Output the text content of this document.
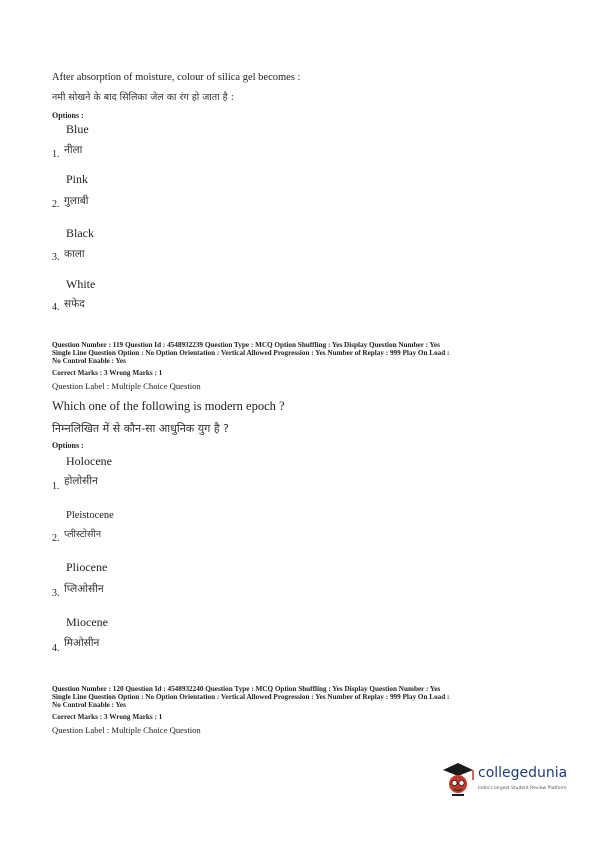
After absorption of moisture, colour of silica gel becomes :
नमी सोखने के बाद सिलिका जेल का रंग हो जाता है :
Options :
Blue
1. नीला
Pink
2. गुलाबी
Black
3. काला
White
4. सफेद
Question Number : 119 Question Id : 4548932239 Question Type : MCQ Option Shuffling : Yes Display Question Number : Yes
Single Line Question Option : No Option Orientation : Vertical Allowed Progression : Yes Number of Replay : 999 Play On Load :
No Control Enable : Yes
Correct Marks : 3 Wrong Marks : 1
Question Label : Multiple Choice Question
Which one of the following is modern epoch ?
निम्नलिखित में से कौन-सा आधुनिक युग है ?
Options :
Holocene
1. होलोसीन
Pleistocene
2. प्लीस्टोसीन
Pliocene
3. प्लिओसीन
Miocene
4. मिओसीन
Question Number : 120 Question Id : 4548932240 Question Type : MCQ Option Shuffling : Yes Display Question Number : Yes
Single Line Question Option : No Option Orientation : Vertical Allowed Progression : Yes Number of Replay : 999 Play On Load :
No Control Enable : Yes
Correct Marks : 3 Wrong Marks : 1
Question Label : Multiple Choice Question
collegedunia
India's largest Student Review Platform
